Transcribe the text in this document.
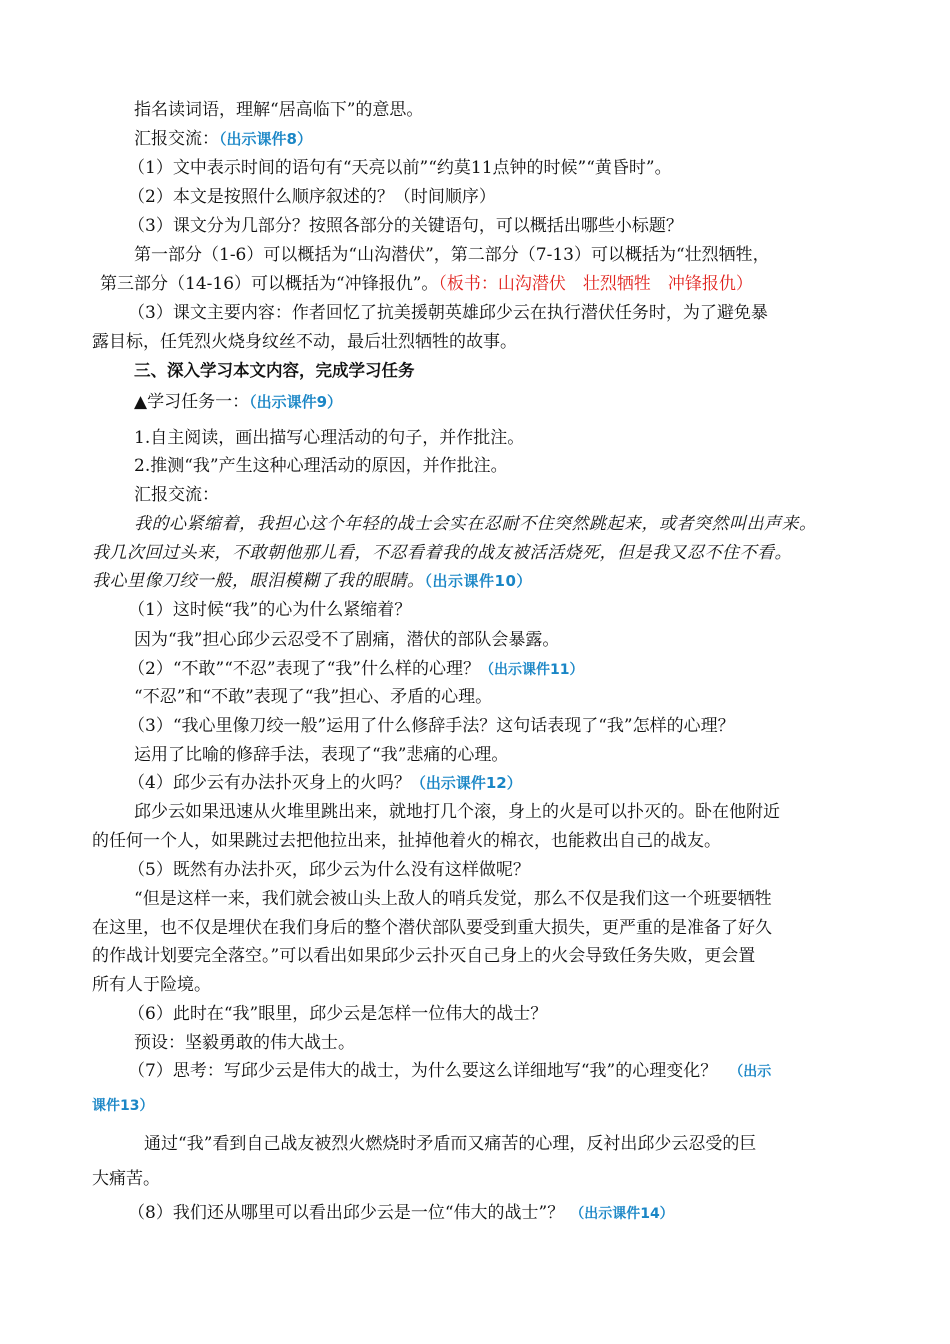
指名读词语，理解“居高临下”的意思。
汇报交流：（出示课件8）
（1）文中表示时间的语句有“天亮以前”“约莫11点钟的时候”“黄昏时”。
（2）本文是按照什么顺序叙述的？（时间顺序）
（3）课文分为几部分？按照各部分的关键语句，可以概括出哪些小标题？
第一部分（1-6）可以概括为“山沟潜伏”，第二部分（7-13）可以概括为“壮烈牺牲，
第三部分（14-16）可以概括为“冲锋报仇”。（板书：山沟潜伏　壮烈牺牲　冲锋报仇）
（3）课文主要内容：作者回忆了抗美援朝英雄邱少云在执行潜伏任务时，为了避免暴
露目标，任凭烈火烧身纹丝不动，最后壮烈牺牲的故事。
三、深入学习本文内容，完成学习任务
▲学习任务一：（出示课件9）
1.自主阅读，画出描写心理活动的句子，并作批注。
2.推测“我”产生这种心理活动的原因，并作批注。
汇报交流：
我的心紧缩着，我担心这个年轻的战士会实在忍耐不住突然跳起来，或者突然叫出声来。
我几次回过头来，不敢朝他那儿看，不忍看着我的战友被活活烧死，但是我又忍不住不看。
我心里像刀绞一般，眼泪模糊了我的眼睛。（出示课件10）
（1）这时候“我”的心为什么紧缩着？
因为“我”担心邱少云忍受不了剧痛，潜伏的部队会暴露。
（2）“不敢”“不忍”表现了“我”什么样的心理？（出示课件11）
“不忍”和“不敢”表现了“我”担心、矛盾的心理。
（3）“我心里像刀绞一般”运用了什么修辞手法？这句话表现了“我”怎样的心理？
运用了比喻的修辞手法，表现了“我”悲痛的心理。
（4）邱少云有办法扑灭身上的火吗？（出示课件12）
邱少云如果迅速从火堆里跳出来，就地打几个滚，身上的火是可以扑灭的。卧在他附近
的任何一个人，如果跳过去把他拉出来，扯掉他着火的棉衣，也能救出自己的战友。
（5）既然有办法扑灭，邱少云为什么没有这样做呢？
“但是这样一来，我们就会被山头上敌人的哨兵发觉，那么不仅是我们这一个班要牺牲
在这里，也不仅是埋伏在我们身后的整个潜伏部队要受到重大损失，更严重的是准备了好久
的作战计划要完全落空。”可以看出如果邱少云扑灭自己身上的火会导致任务失败，更会置
所有人于险境。
（6）此时在“我”眼里，邱少云是怎样一位伟大的战士？
预设：坚毅勇敢的伟大战士。
（7）思考：写邱少云是伟大的战士，为什么要这么详细地写“我”的心理变化？ （出示
课件13）
通过“我”看到自己战友被烈火燃烧时矛盾而又痛苦的心理，反衬出邱少云忍受的巨
大痛苦。
（8）我们还从哪里可以看出邱少云是一位“伟大的战士”？ （出示课件14）
